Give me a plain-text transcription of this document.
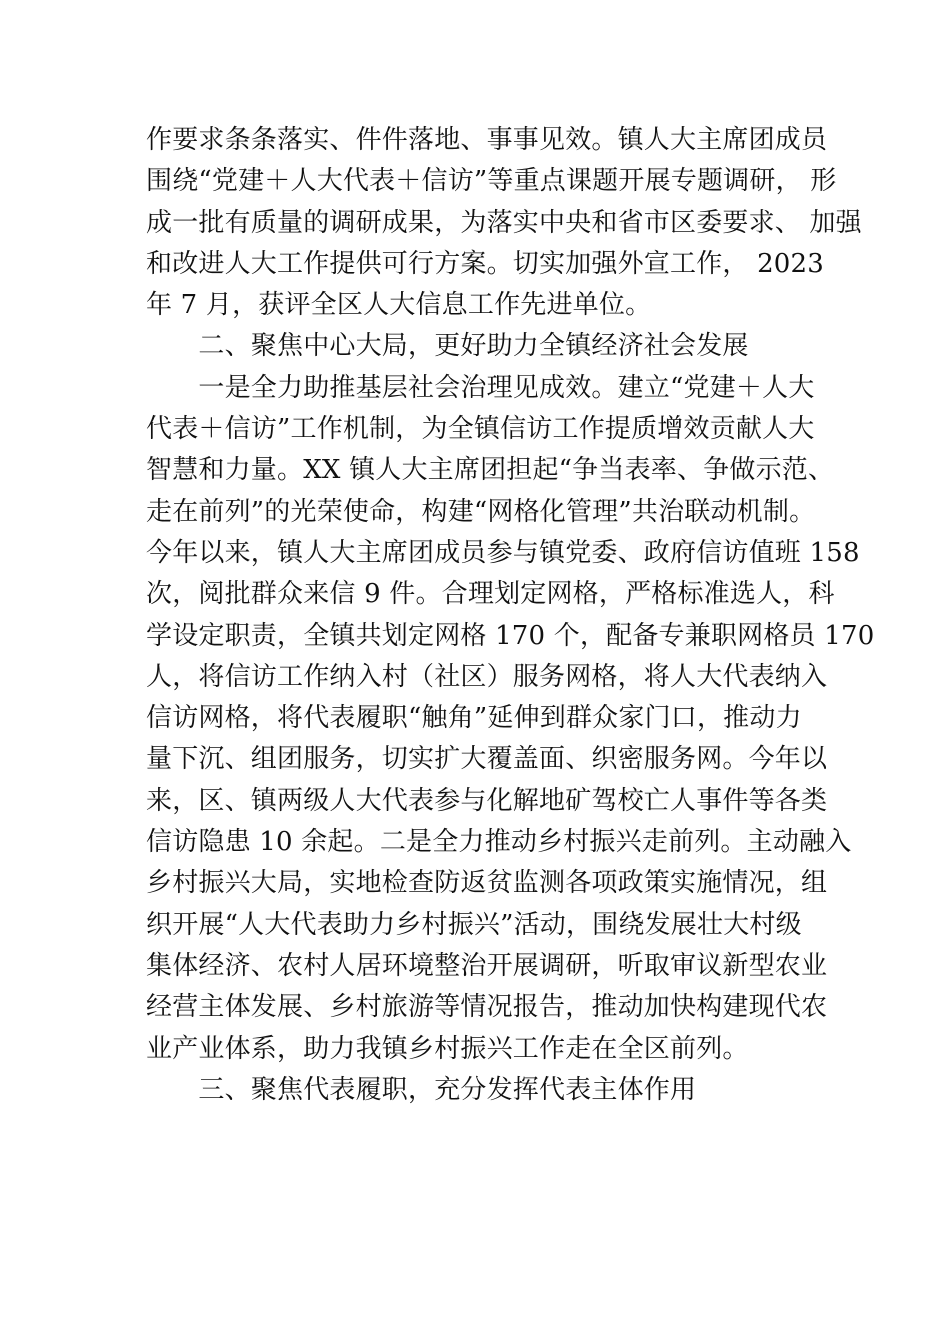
作要求条条落实、件件落地、事事见效。镇人大主席团成员
围绕“党建＋人大代表＋信访”等重点课题开展专题调研， 形
成一批有质量的调研成果，为落实中央和省市区委要求、 加强
和改进人大工作提供可行方案。切实加强外宣工作， 2023
年 7 月，获评全区人大信息工作先进单位。
　　二、聚焦中心大局，更好助力全镇经济社会发展
　　一是全力助推基层社会治理见成效。建立“党建＋人大
代表＋信访”工作机制，为全镇信访工作提质增效贡献人大
智慧和力量。XX 镇人大主席团担起“争当表率、争做示范、
走在前列”的光荣使命，构建“网格化管理”共治联动机制。
今年以来，镇人大主席团成员参与镇党委、政府信访值班 158
次，阅批群众来信 9 件。合理划定网格，严格标准选人，科
学设定职责，全镇共划定网格 170 个，配备专兼职网格员 170
人，将信访工作纳入村（社区）服务网格，将人大代表纳入
信访网格，将代表履职“触角”延伸到群众家门口，推动力
量下沉、组团服务，切实扩大覆盖面、织密服务网。今年以
来，区、镇两级人大代表参与化解地矿驾校亡人事件等各类
信访隐患 10 余起。二是全力推动乡村振兴走前列。主动融入
乡村振兴大局，实地检查防返贫监测各项政策实施情况，组
织开展“人大代表助力乡村振兴”活动，围绕发展壮大村级
集体经济、农村人居环境整治开展调研，听取审议新型农业
经营主体发展、乡村旅游等情况报告，推动加快构建现代农
业产业体系，助力我镇乡村振兴工作走在全区前列。
　　三、聚焦代表履职，充分发挥代表主体作用
